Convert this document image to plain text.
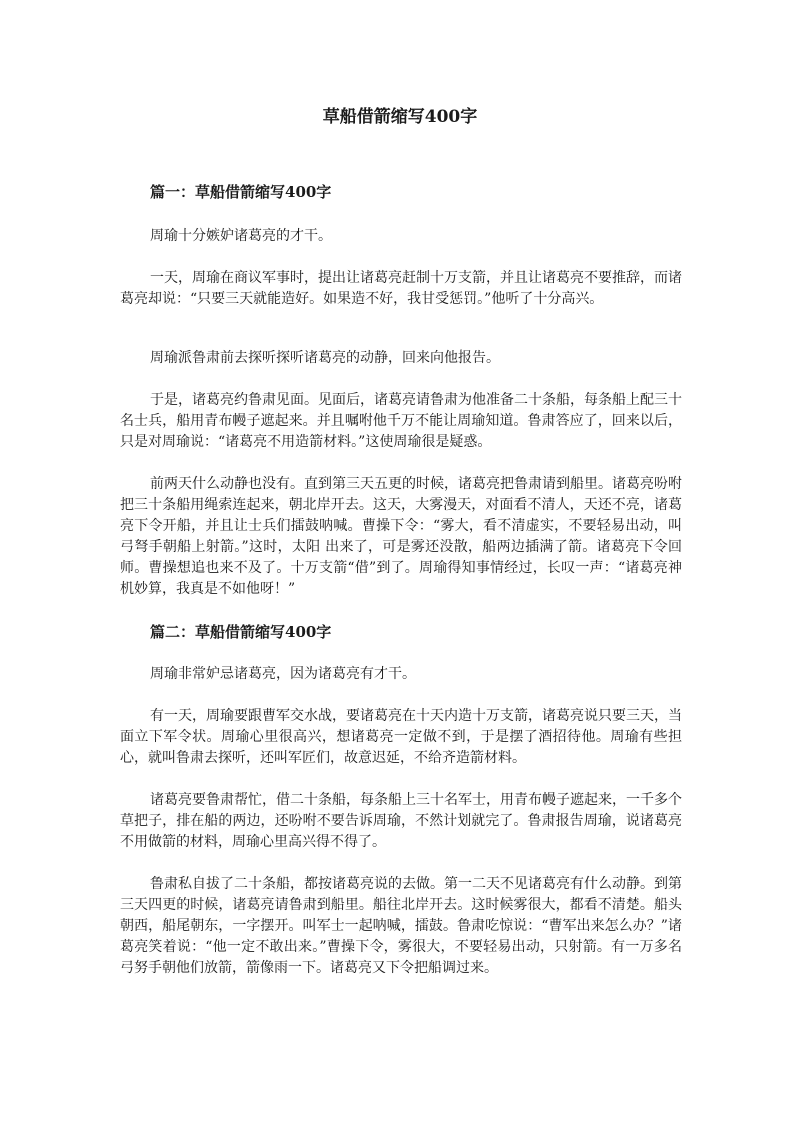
草船借箭缩写400字
篇一：草船借箭缩写400字

周瑜十分嫉妒诸葛亮的才干。

一天，周瑜在商议军事时，提出让诸葛亮赶制十万支箭，并且让诸葛亮不要推辞，而诸葛亮却说：“只要三天就能造好。如果造不好，我甘受惩罚。”他听了十分高兴。

周瑜派鲁肃前去探听探听诸葛亮的动静，回来向他报告。

于是，诸葛亮约鲁肃见面。见面后，诸葛亮请鲁肃为他准备二十条船，每条船上配三十名士兵，船用青布幔子遮起来。并且嘱咐他千万不能让周瑜知道。鲁肃答应了，回来以后，只是对周瑜说：“诸葛亮不用造箭材料。”这使周瑜很是疑惑。

前两天什么动静也没有。直到第三天五更的时候，诸葛亮把鲁肃请到船里。诸葛亮吩咐把三十条船用绳索连起来，朝北岸开去。这天，大雾漫天，对面看不清人，天还不亮，诸葛亮下令开船，并且让士兵们擂鼓呐喊。曹操下令：“雾大，看不清虚实，不要轻易出动，叫弓弩手朝船上射箭。”这时，太阳 出来了，可是雾还没散，船两边插满了箭。诸葛亮下令回师。曹操想追也来不及了。十万支箭“借”到了。周瑜得知事情经过，长叹一声：“诸葛亮神机妙算，我真是不如他呀！”

篇二：草船借箭缩写400字

周瑜非常妒忌诸葛亮，因为诸葛亮有才干。

有一天，周瑜要跟曹军交水战，要诸葛亮在十天内造十万支箭，诸葛亮说只要三天，当面立下军令状。周瑜心里很高兴，想诸葛亮一定做不到，于是摆了酒招待他。周瑜有些担心，就叫鲁肃去探听，还叫军匠们，故意迟延，不给齐造箭材料。

诸葛亮要鲁肃帮忙，借二十条船，每条船上三十名军士，用青布幔子遮起来，一千多个草把子，排在船的两边，还吩咐不要告诉周瑜，不然计划就完了。鲁肃报告周瑜，说诸葛亮不用做箭的材料，周瑜心里高兴得不得了。

鲁肃私自拔了二十条船，都按诸葛亮说的去做。第一二天不见诸葛亮有什么动静。到第三天四更的时候，诸葛亮请鲁肃到船里。船往北岸开去。这时候雾很大，都看不清楚。船头朝西，船尾朝东，一字摆开。叫军士一起呐喊，擂鼓。鲁肃吃惊说：“曹军出来怎么办？”诸葛亮笑着说：“他一定不敢出来。”曹操下令，雾很大，不要轻易出动，只射箭。有一万多名弓努手朝他们放箭，箭像雨一下。诸葛亮又下令把船调过来。
